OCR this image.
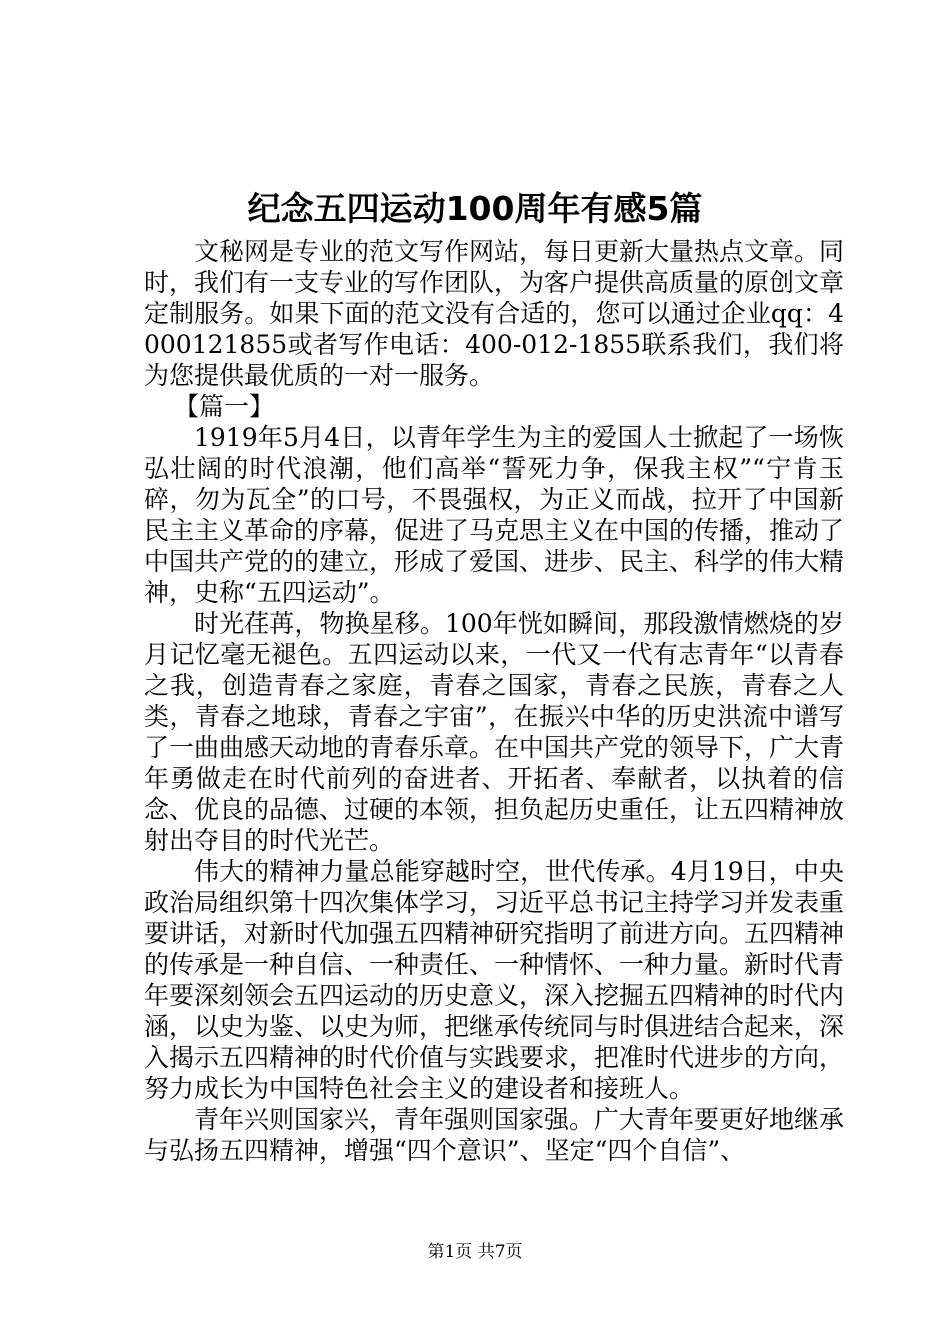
纪念五四运动100周年有感5篇

文秘网是专业的范文写作网站，每日更新大量热点文章。同时，我们有一支专业的写作团队，为客户提供高质量的原创文章定制服务。如果下面的范文没有合适的，您可以通过企业qq：4000121855或者写作电话：400-012-1855联系我们，我们将为您提供最优质的一对一服务。

【篇一】

1919年5月4日，以青年学生为主的爱国人士掀起了一场恢弘壮阔的时代浪潮，他们高举“誓死力争，保我主权”“宁肯玉碎，勿为瓦全”的口号，不畏强权，为正义而战，拉开了中国新民主主义革命的序幕，促进了马克思主义在中国的传播，推动了中国共产党的的建立，形成了爱国、进步、民主、科学的伟大精神，史称“五四运动”。

时光荏苒，物换星移。100年恍如瞬间，那段激情燃烧的岁月记忆毫无褪色。五四运动以来，一代又一代有志青年“以青春之我，创造青春之家庭，青春之国家，青春之民族，青春之人类，青春之地球，青春之宇宙”，在振兴中华的历史洪流中谱写了一曲曲感天动地的青春乐章。在中国共产党的领导下，广大青年勇做走在时代前列的奋进者、开拓者、奉献者，以执着的信念、优良的品德、过硬的本领，担负起历史重任，让五四精神放射出夺目的时代光芒。

伟大的精神力量总能穿越时空，世代传承。4月19日，中央政治局组织第十四次集体学习，习近平总书记主持学习并发表重要讲话，对新时代加强五四精神研究指明了前进方向。五四精神的传承是一种自信、一种责任、一种情怀、一种力量。新时代青年要深刻领会五四运动的历史意义，深入挖掘五四精神的时代内涵，以史为鉴、以史为师，把继承传统同与时俱进结合起来，深入揭示五四精神的时代价值与实践要求，把准时代进步的方向，努力成长为中国特色社会主义的建设者和接班人。

青年兴则国家兴，青年强则国家强。广大青年要更好地继承与弘扬五四精神，增强“四个意识”、坚定“四个自信”、

第1页 共7页
